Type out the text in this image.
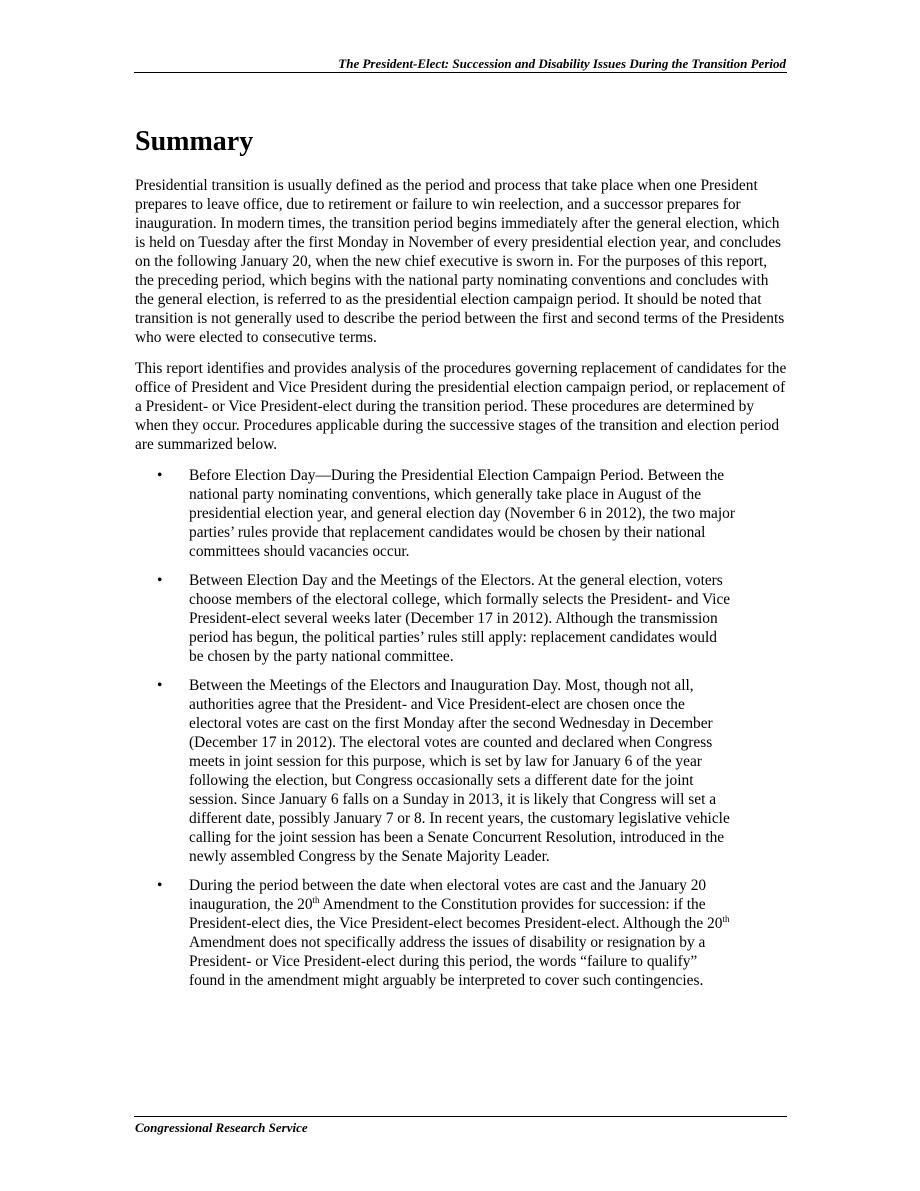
The President-Elect: Succession and Disability Issues During the Transition Period
Summary

Presidential transition is usually defined as the period and process that take place when one President prepares to leave office, due to retirement or failure to win reelection, and a successor prepares for inauguration. In modern times, the transition period begins immediately after the general election, which is held on Tuesday after the first Monday in November of every presidential election year, and concludes on the following January 20, when the new chief executive is sworn in. For the purposes of this report, the preceding period, which begins with the national party nominating conventions and concludes with the general election, is referred to as the presidential election campaign period. It should be noted that transition is not generally used to describe the period between the first and second terms of the Presidents who were elected to consecutive terms.

This report identifies and provides analysis of the procedures governing replacement of candidates for the office of President and Vice President during the presidential election campaign period, or replacement of a President- or Vice President-elect during the transition period. These procedures are determined by when they occur. Procedures applicable during the successive stages of the transition and election period are summarized below.

• Before Election Day—During the Presidential Election Campaign Period. Between the national party nominating conventions, which generally take place in August of the presidential election year, and general election day (November 6 in 2012), the two major parties’ rules provide that replacement candidates would be chosen by their national committees should vacancies occur.
• Between Election Day and the Meetings of the Electors. At the general election, voters choose members of the electoral college, which formally selects the President- and Vice President-elect several weeks later (December 17 in 2012). Although the transmission period has begun, the political parties’ rules still apply: replacement candidates would be chosen by the party national committee.
• Between the Meetings of the Electors and Inauguration Day. Most, though not all, authorities agree that the President- and Vice President-elect are chosen once the electoral votes are cast on the first Monday after the second Wednesday in December (December 17 in 2012). The electoral votes are counted and declared when Congress meets in joint session for this purpose, which is set by law for January 6 of the year following the election, but Congress occasionally sets a different date for the joint session. Since January 6 falls on a Sunday in 2013, it is likely that Congress will set a different date, possibly January 7 or 8. In recent years, the customary legislative vehicle calling for the joint session has been a Senate Concurrent Resolution, introduced in the newly assembled Congress by the Senate Majority Leader.
• During the period between the date when electoral votes are cast and the January 20 inauguration, the 20th Amendment to the Constitution provides for succession: if the President-elect dies, the Vice President-elect becomes President-elect. Although the 20th Amendment does not specifically address the issues of disability or resignation by a President- or Vice President-elect during this period, the words “failure to qualify” found in the amendment might arguably be interpreted to cover such contingencies.
Congressional Research Service
